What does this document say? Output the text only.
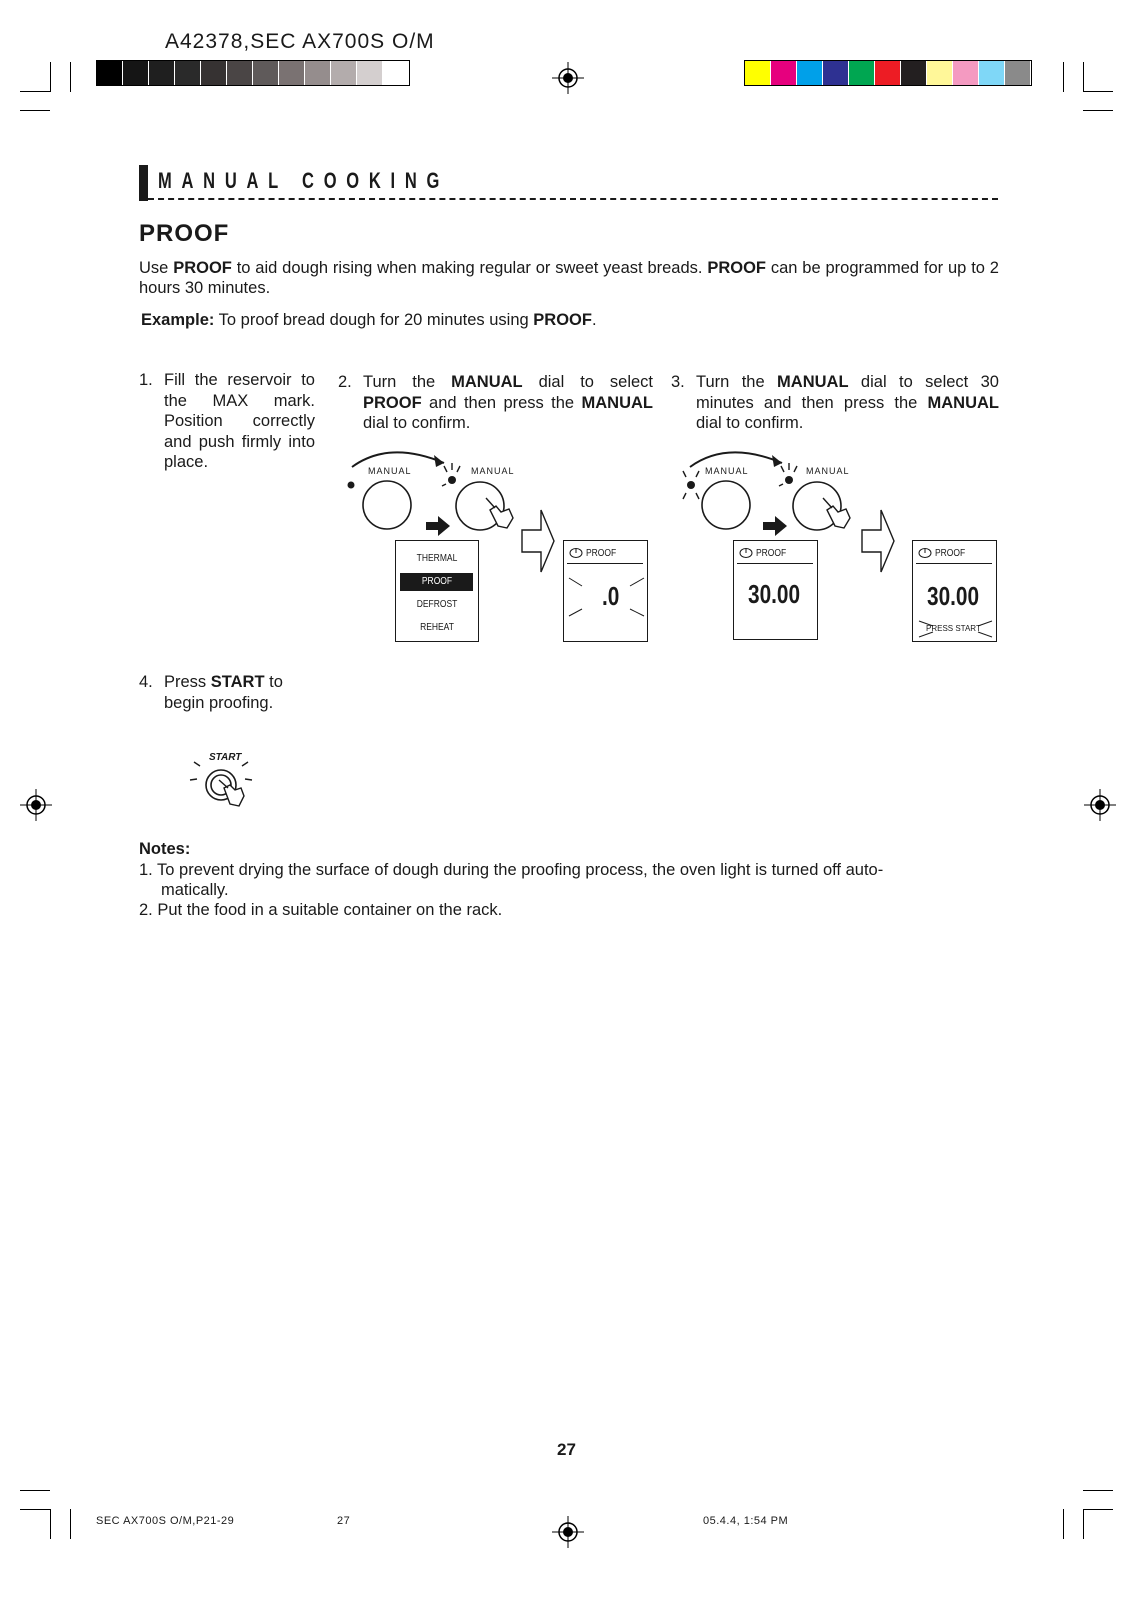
A42378,SEC AX700S O/M
MANUAL COOKING
PROOF
Use PROOF to aid dough rising when making regular or sweet yeast breads. PROOF can be programmed for up to 2 hours 30 minutes.
Example: To proof bread dough for 20 minutes using PROOF.
1. Fill the reservoir to the MAX mark. Position correctly and push firmly into place.
2. Turn the MANUAL dial to select PROOF and then press the MANUAL dial to confirm.
3. Turn the MANUAL dial to select 30 minutes and then press the MANUAL dial to confirm.
MANUAL	MANUAL
THERMAL
PROOF
DEFROST
REHEAT
PROOF
.0
MANUAL	MANUAL
PROOF
30.00
PROOF
30.00
PRESS START
4. Press START to begin proofing.
START
Notes:
1. To prevent drying the surface of dough during the proofing process, the oven light is turned off auto-
matically.
2. Put the food in a suitable container on the rack.
27
SEC AX700S O/M,P21-29	27	05.4.4, 1:54 PM
